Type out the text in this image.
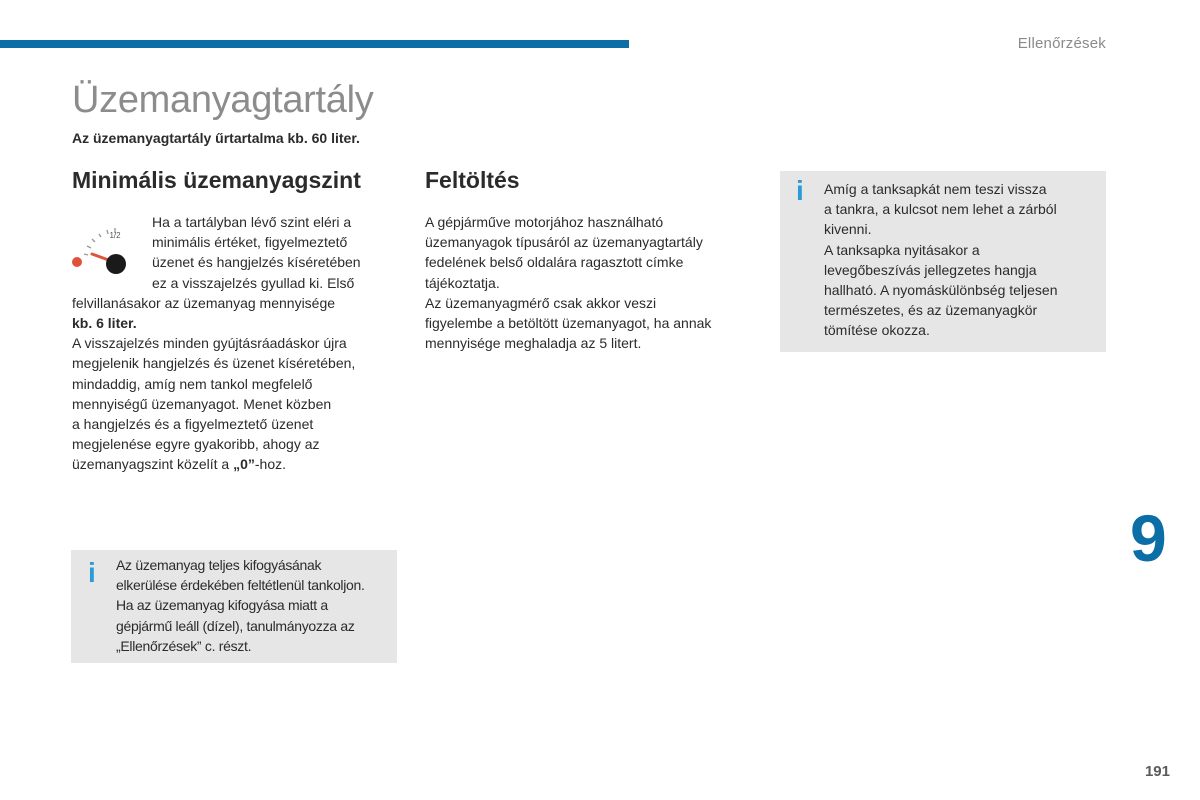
Ellenőrzések
Üzemanyagtartály
Az üzemanyagtartály űrtartalma kb. 60 liter.
Minimális üzemanyagszint	Feltöltés
1/2

Ha a tartályban lévő szint eléri a

minimális értéket, figyelmeztető

üzenet és hangjelzés kíséretében

ez a visszajelzés gyullad ki. Első

felvillanásakor az üzemanyag mennyisége

kb. 6 liter.

A visszajelzés minden gyújtásráadáskor újra

megjelenik hangjelzés és üzenet kíséretében,

mindaddig, amíg nem tankol megfelelő

mennyiségű üzemanyagot. Menet közben

a hangjelzés és a figyelmeztető üzenet

megjelenése egyre gyakoribb, ahogy az

üzemanyagszint közelít a „0”-hoz.

A gépjárműve motorjához használható

üzemanyagok típusáról az üzemanyagtartály

fedelének belső oldalára ragasztott címke

tájékoztatja.

Az üzemanyagmérő csak akkor veszi

figyelembe a betöltött üzemanyagot, ha annak

mennyisége meghaladja az 5 litert.

i Az üzemanyag teljes kifogyásának

elkerülése érdekében feltétlenül tankoljon.

Ha az üzemanyag kifogyása miatt a

gépjármű leáll (dízel), tanulmányozza az

„Ellenőrzések” c. részt.

i Amíg a tanksapkát nem teszi vissza

a tankra, a kulcsot nem lehet a zárból

kivenni.

A tanksapka nyitásakor a

levegőbeszívás jellegzetes hangja

hallható. A nyomáskülönbség teljesen

természetes, és az üzemanyagkör

tömítése okozza.

9
191
